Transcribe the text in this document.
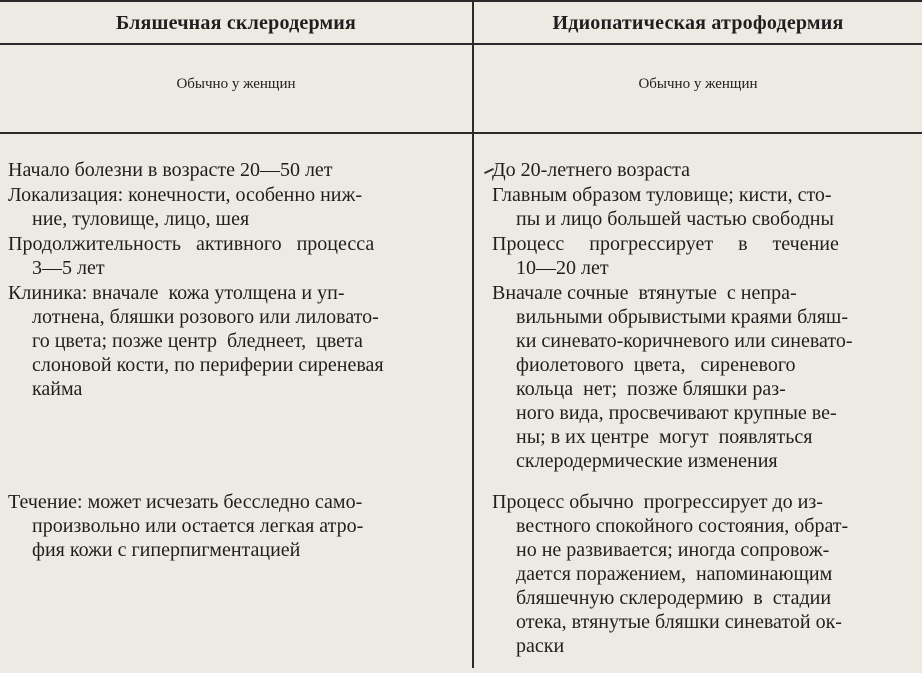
Бляшечная склеродермия	Идиопатическая атрофодермия
Обычно у женщин	Обычно у женщин
Начало болезни в возрасте 20—50 лет
Локализация: конечности, особенно ниж-
ние, туловище, лицо, шея
Продолжительность   активного   процесса
3—5 лет
Клиника: вначале  кожа утолщена и уп-
лотнена, бляшки розового или лиловато-
го цвета; позже центр  бледнеет,  цвета
слоновой кости, по периферии сиреневая
кайма
Течение: может исчезать бесследно само-
произвольно или остается легкая атро-
фия кожи с гиперпигментацией
До 20-летнего возраста
Главным образом туловище; кисти, сто-
пы и лицо большей частью свободны
Процесс     прогрессирует     в     течение
10—20 лет
Вначале сочные  втянутые  с непра-
вильными обрывистыми краями бляш-
ки синевато-коричневого или синевато-
фиолетового  цвета,   сиреневого
кольца  нет;  позже бляшки раз-
ного вида, просвечивают крупные ве-
ны; в их центре  могут  появляться
склеродермические изменения
Процесс обычно  прогрессирует до из-
вестного спокойного состояния, обрат-
но не развивается; иногда сопровож-
дается поражением,  напоминающим
бляшечную склеродермию  в  стадии
отека, втянутые бляшки синеватой ок-
раски
